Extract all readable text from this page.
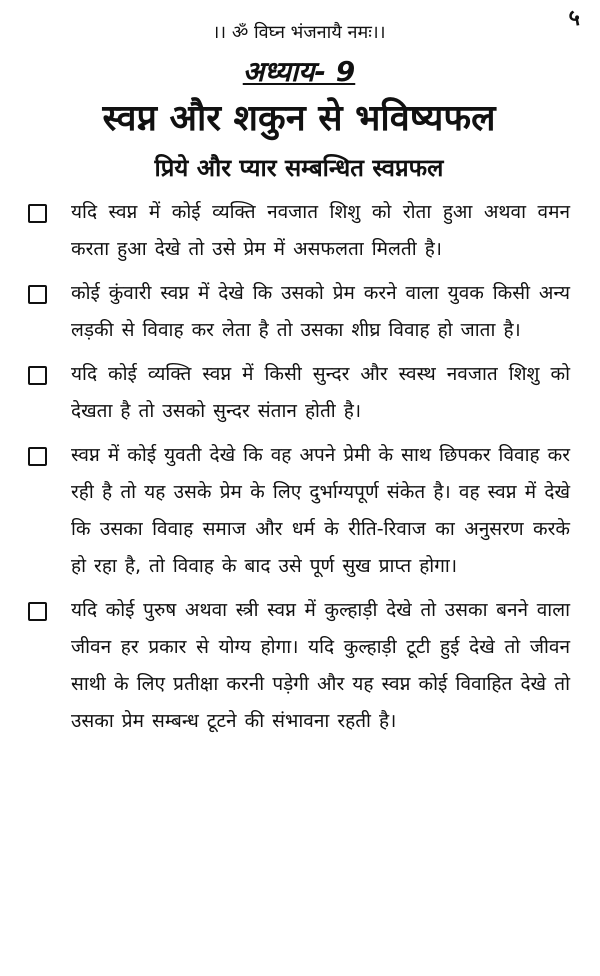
५
।। ॐ विघ्न भंजनायै नमः।।
अध्याय- 9
स्वप्न और शकुन से भविष्यफल
प्रिये और प्यार सम्बन्धित स्वप्नफल
यदि स्वप्न में कोई व्यक्ति नवजात शिशु को रोता हुआ अथवा वमन करता हुआ देखे तो उसे प्रेम में असफलता मिलती है।
कोई कुंवारी स्वप्न में देखे कि उसको प्रेम करने वाला युवक किसी अन्य लड़की से विवाह कर लेता है तो उसका शीघ्र विवाह हो जाता है।
यदि कोई व्यक्ति स्वप्न में किसी सुन्दर और स्वस्थ नवजात शिशु को देखता है तो उसको सुन्दर संतान होती है।
स्वप्न में कोई युवती देखे कि वह अपने प्रेमी के साथ छिपकर विवाह कर रही है तो यह उसके प्रेम के लिए दुर्भाग्यपूर्ण संकेत है। वह स्वप्न में देखे कि उसका विवाह समाज और धर्म के रीति-रिवाज का अनुसरण करके हो रहा है, तो विवाह के बाद उसे पूर्ण सुख प्राप्त होगा।
यदि कोई पुरुष अथवा स्त्री स्वप्न में कुल्हाड़ी देखे तो उसका बनने वाला जीवन हर प्रकार से योग्य होगा। यदि कुल्हाड़ी टूटी हुई देखे तो जीवन साथी के लिए प्रतीक्षा करनी पड़ेगी और यह स्वप्न कोई विवाहित देखे तो उसका प्रेम सम्बन्ध टूटने की संभावना रहती है।
